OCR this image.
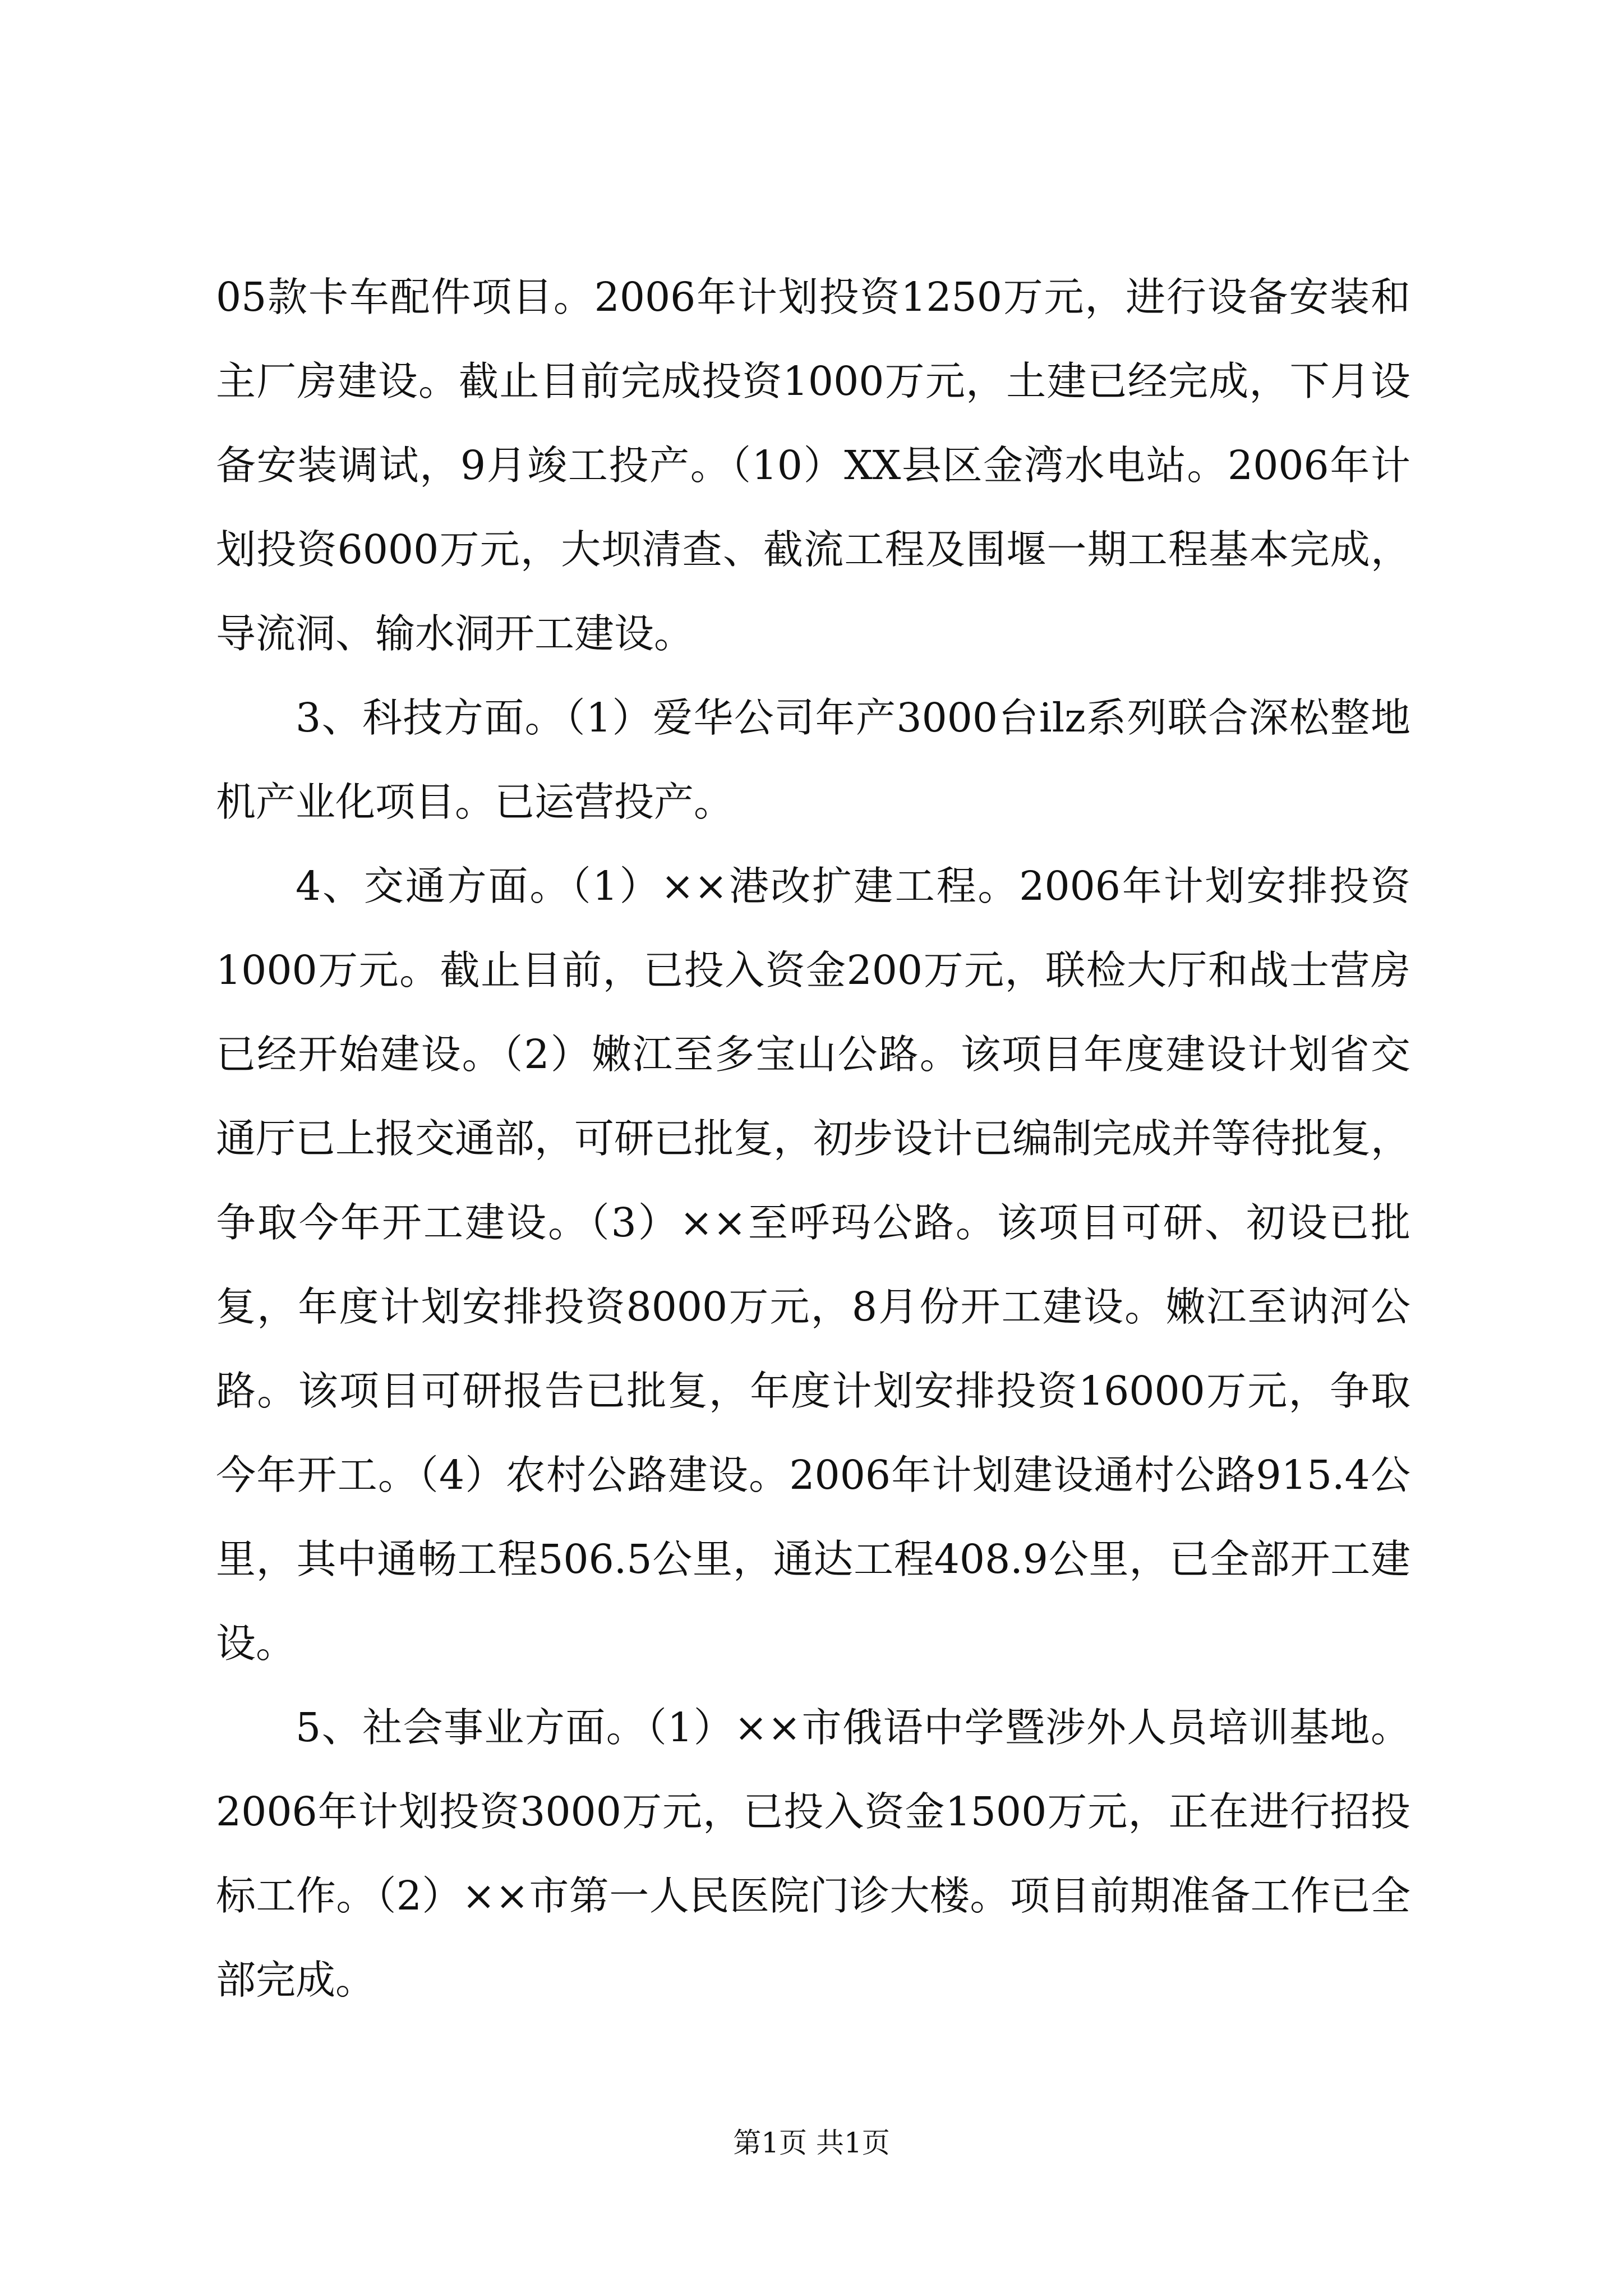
05款卡车配件项目。2006年计划投资1250万元，进行设备安装和主厂房建设。截止目前完成投资1000万元，土建已经完成，下月设备安装调试，9月竣工投产。（10）XX县区金湾水电站。2006年计划投资6000万元，大坝清查、截流工程及围堰一期工程基本完成，导流洞、输水洞开工建设。

3、科技方面。（1）爱华公司年产3000台ilz系列联合深松整地机产业化项目。已运营投产。

4、交通方面。（1）××港改扩建工程。2006年计划安排投资1000万元。截止目前，已投入资金200万元，联检大厅和战士营房已经开始建设。（2）嫩江至多宝山公路。该项目年度建设计划省交通厅已上报交通部，可研已批复，初步设计已编制完成并等待批复，争取今年开工建设。（3）××至呼玛公路。该项目可研、初设已批复，年度计划安排投资8000万元，8月份开工建设。嫩江至讷河公路。该项目可研报告已批复，年度计划安排投资16000万元，争取今年开工。（4）农村公路建设。2006年计划建设通村公路915.4公里，其中通畅工程506.5公里，通达工程408.9公里，已全部开工建设。

5、社会事业方面。（1）××市俄语中学暨涉外人员培训基地。2006年计划投资3000万元，已投入资金1500万元，正在进行招投标工作。（2）××市第一人民医院门诊大楼。项目前期准备工作已全部完成。

第1页 共1页
